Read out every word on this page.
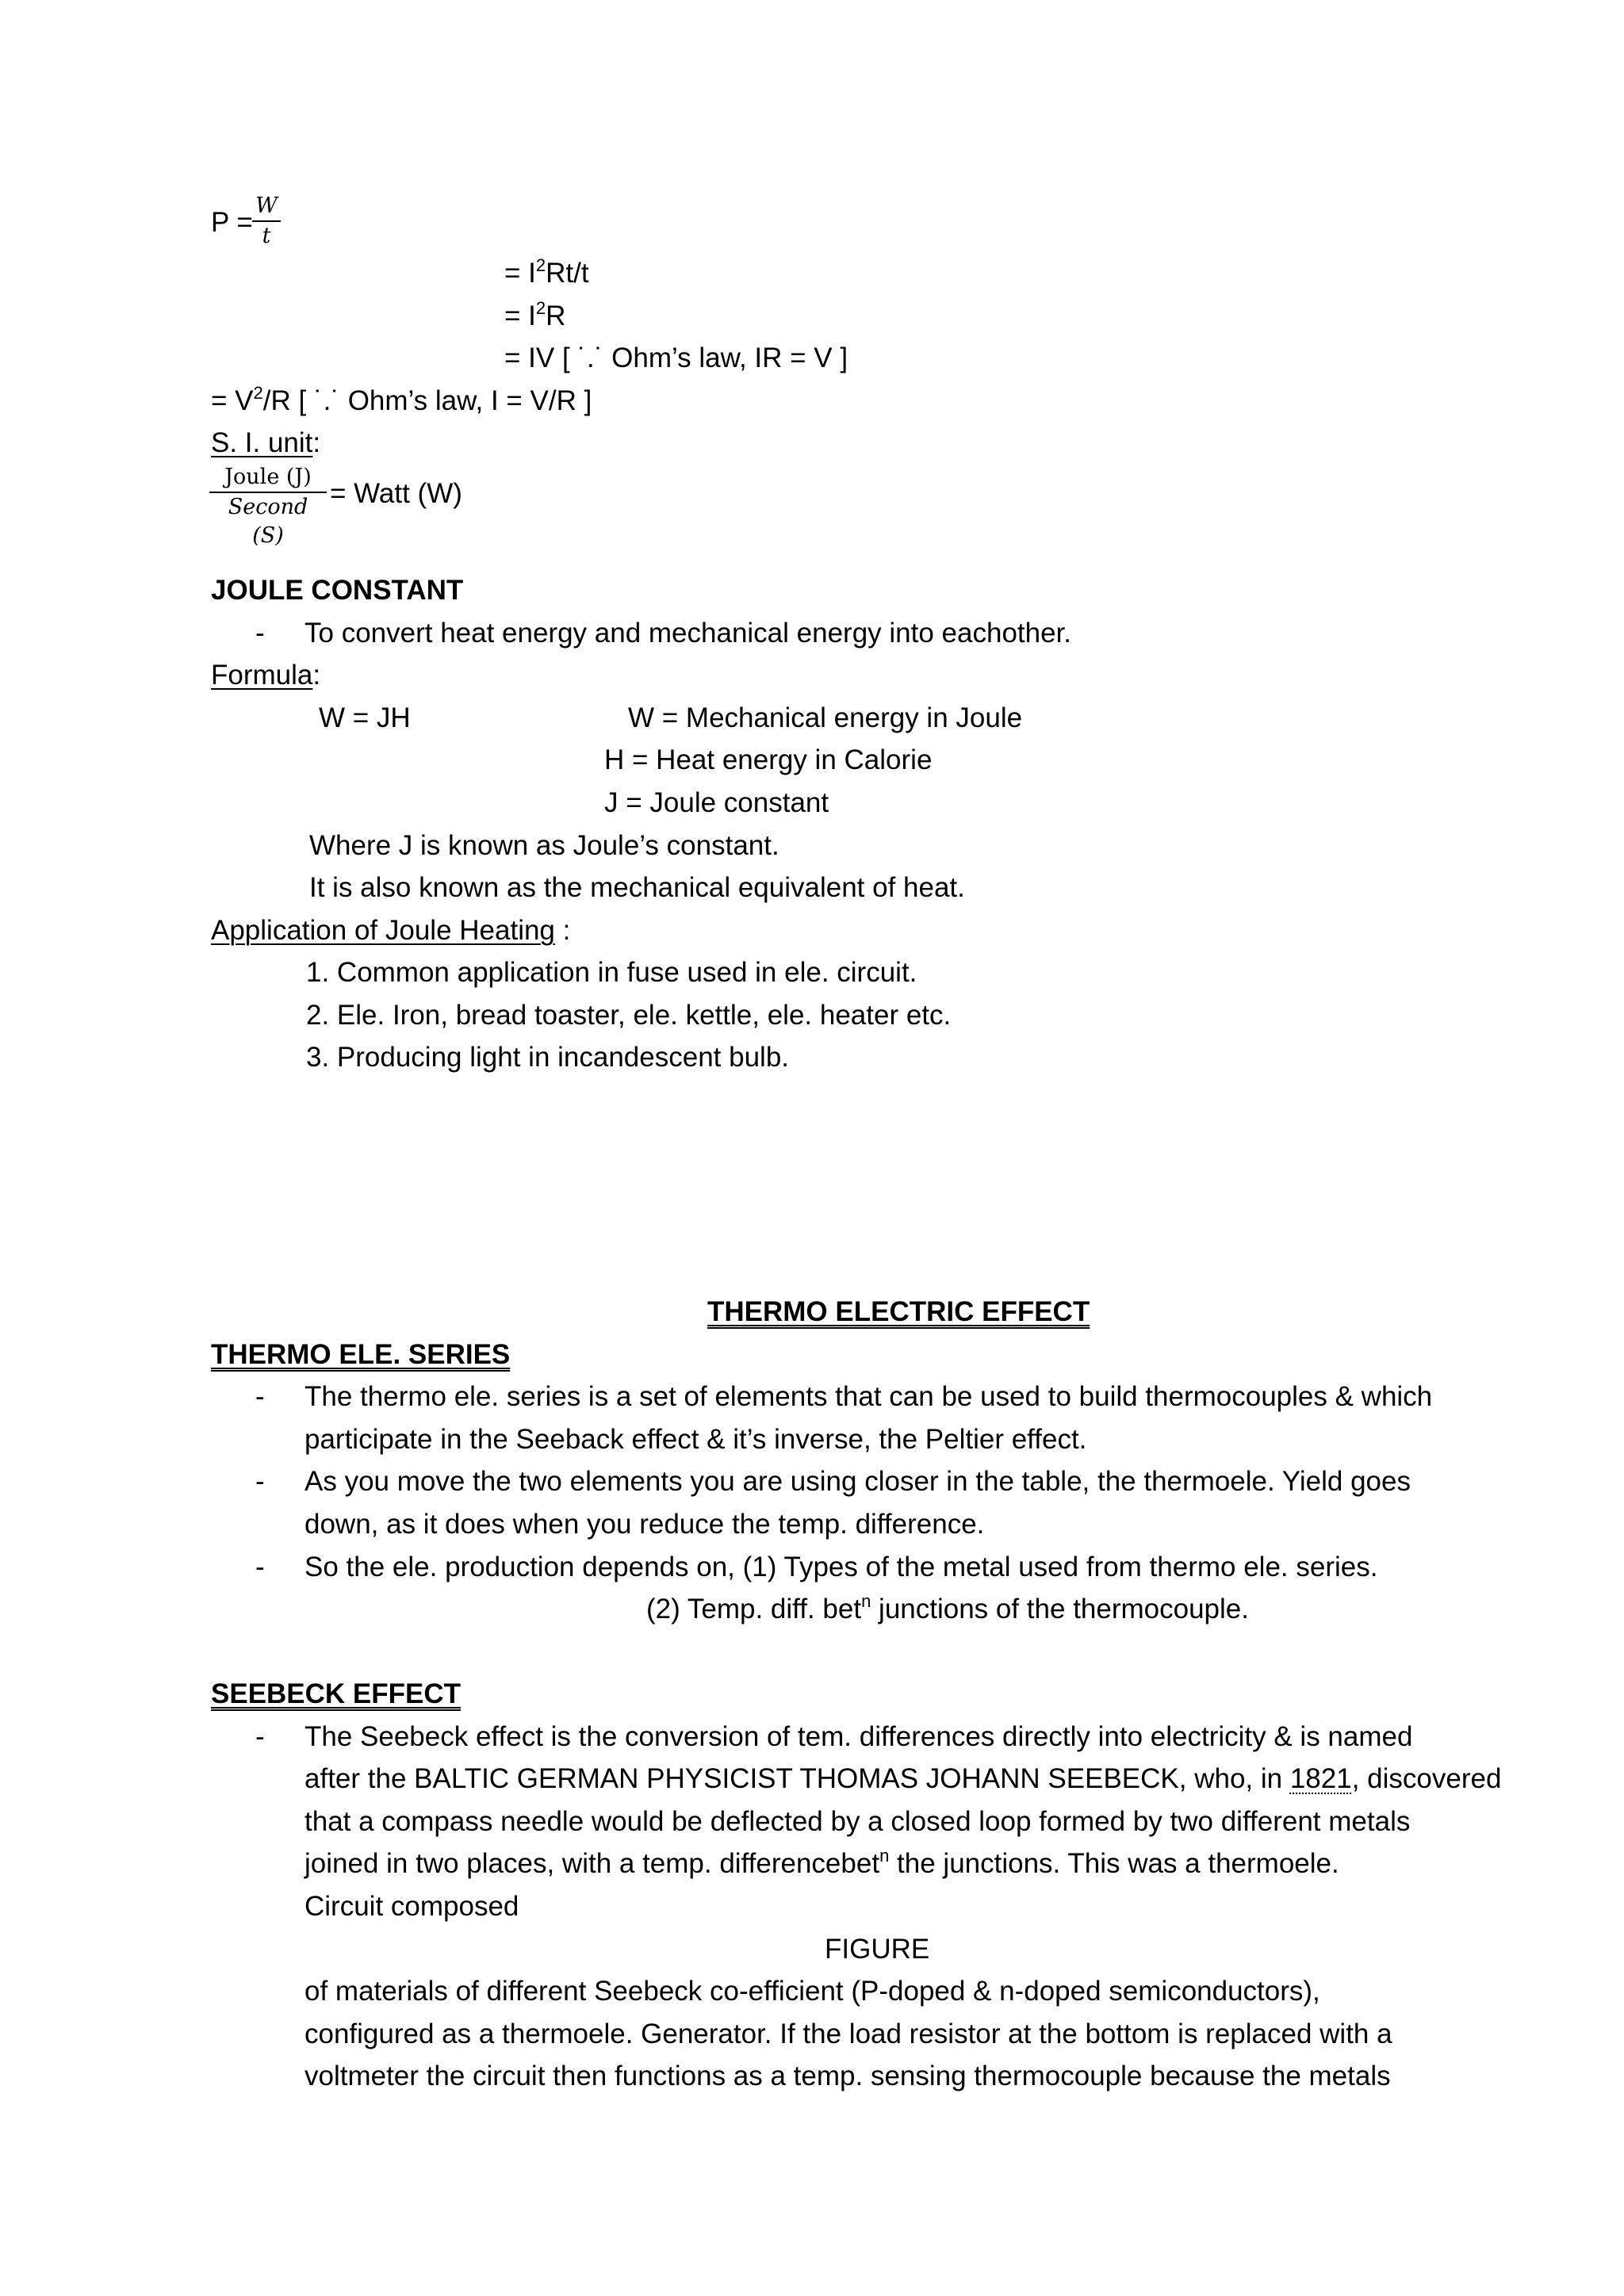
$P = \frac{W}{t}$
= $I^2Rt/t$
= $I^2R$
= IV [ ˙.˙ Ohm’s law, IR = V ]
= $V^2/R$ [ ˙.˙ Ohm’s law, I = V/R ]
S. I. unit:
Joule (J)
Second (S)
= Watt (W)
JOULE CONSTANT
- To convert heat energy and mechanical energy into eachother.
Formula:
W = JH	W = Mechanical energy in Joule
H = Heat energy in Calorie
J = Joule constant
Where J is known as Joule’s constant.
It is also known as the mechanical equivalent of heat.
Application of Joule Heating :
1. Common application in fuse used in ele. circuit.
2. Ele. Iron, bread toaster, ele. kettle, ele. heater etc.
3. Producing light in incandescent bulb.
THERMO ELECTRIC EFFECT
THERMO ELE. SERIES
- The thermo ele. series is a set of elements that can be used to build thermocouples & which
participate in the Seeback effect & it’s inverse, the Peltier effect.
- As you move the two elements you are using closer in the table, the thermoele. Yield goes
down, as it does when you reduce the temp. difference.
- So the ele. production depends on, (1) Types of the metal used from thermo ele. series.
(2) Temp. diff. bet$^n$ junctions of the thermocouple.
SEEBECK EFFECT
- The Seebeck effect is the conversion of tem. differences directly into electricity & is named
after the BALTIC GERMAN PHYSICIST THOMAS JOHANN SEEBECK, who, in 1821, discovered
that a compass needle would be deflected by a closed loop formed by two different metals
joined in two places, with a temp. differencebet$^n$ the junctions. This was a thermoele.
Circuit composed
FIGURE
of materials of different Seebeck co-efficient (P-doped & n-doped semiconductors),
configured as a thermoele. Generator. If the load resistor at the bottom is replaced with a
voltmeter the circuit then functions as a temp. sensing thermocouple because the metals
